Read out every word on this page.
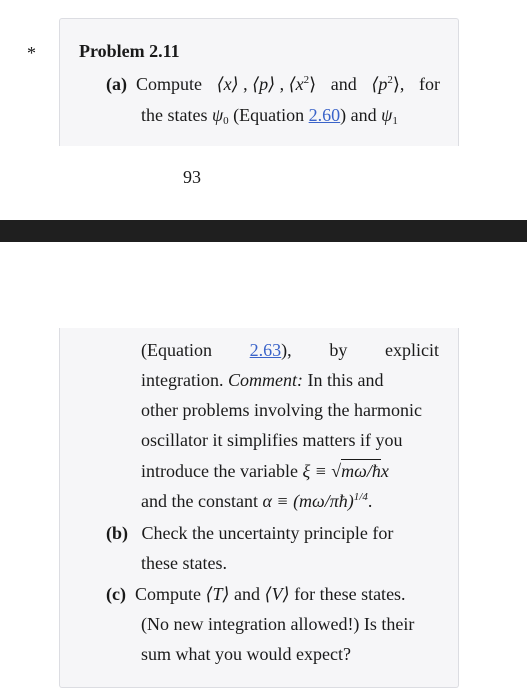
* Problem 2.11
(a) Compute ⟨x⟩ , ⟨p⟩ , $⟨x^2⟩$ and $⟨p^2⟩$, for
the states $\psi_0$ (Equation 2.60) and $\psi_1$
93
(Equation 2.63), by explicit
integration. Comment: In this and
other problems involving the harmonic
oscillator it simplifies matters if you
introduce the variable ξ ≡ √mω/ħx
and the constant α ≡ (mω/πħ)$^{1/4}$.
(b) Check the uncertainty principle for
these states.
(c) Compute ⟨T⟩ and ⟨V⟩ for these states.
(No new integration allowed!) Is their
sum what you would expect?
